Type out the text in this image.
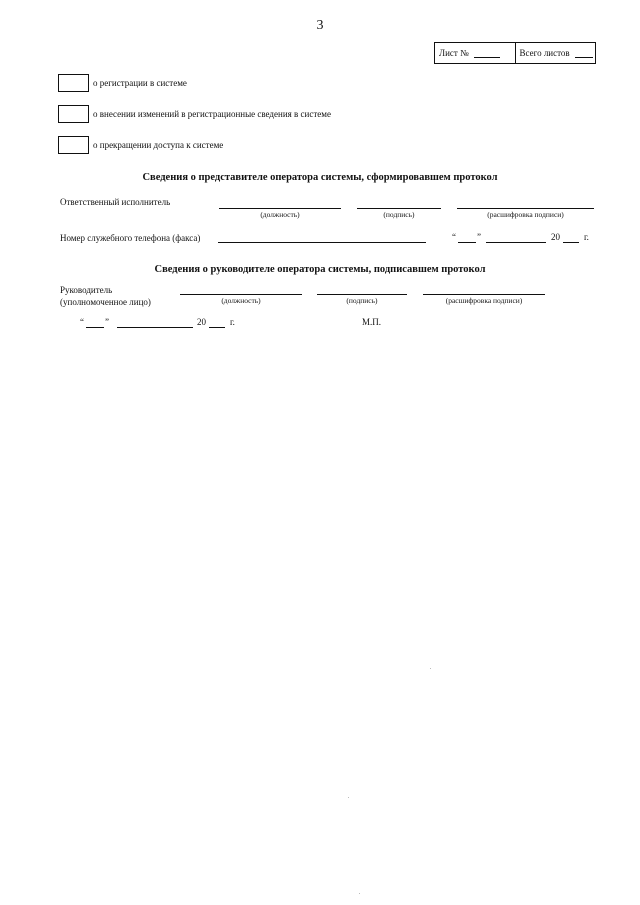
3
Лист №	Всего листов
о регистрации в системе
о внесении изменений в регистрационные сведения в системе
о прекращении доступа к системе
Сведения о представителе оператора системы, сформировавшем протокол
Ответственный исполнитель
(должность)	(подпись)	(расшифровка подписи)
Номер служебного телефона (факса)	“ ”	20	г.
Сведения о руководителе оператора системы, подписавшем протокол
Руководитель
(уполномоченное лицо)	(должность)	(подпись)	(расшифровка подписи)
“ ”	20	г.	М.П.
